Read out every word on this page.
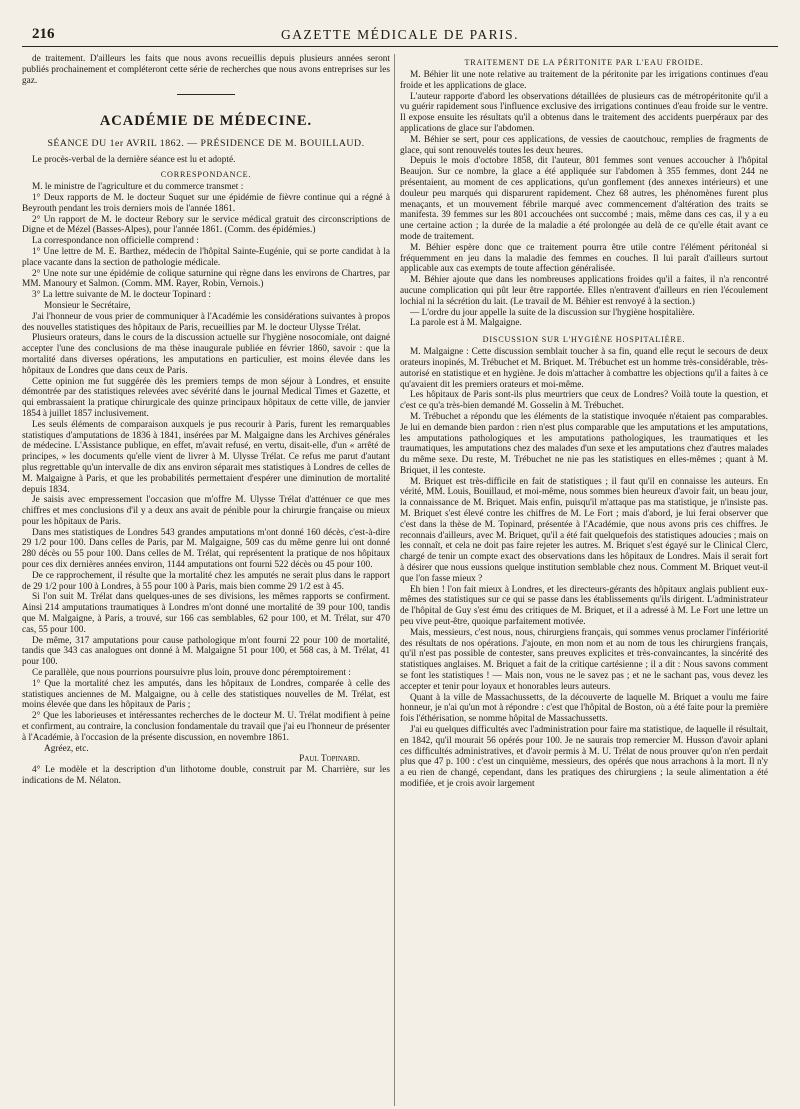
216	GAZETTE MÉDICALE DE PARIS.

de traitement. D'ailleurs les faits que nous avons recueillis depuis plusieurs années seront publiés prochainement et compléteront cette série de recherches que nous avons entreprises sur les gaz.

ACADÉMIE DE MÉDECINE.
SÉANCE DU 1er AVRIL 1862. — PRÉSIDENCE DE M. BOUILLAUD.

Le procès-verbal de la dernière séance est lu et adopté.

CORRESPONDANCE.

M. le ministre de l'agriculture et du commerce transmet :

1° Deux rapports de M. le docteur Suquet sur une épidémie de fièvre continue qui a régné à Beyrouth pendant les trois derniers mois de l'année 1861.

2° Un rapport de M. le docteur Rebory sur le service médical gratuit des circonscriptions de Digne et de Mézel (Basses-Alpes), pour l'année 1861. (Comm. des épidémies.)

La correspondance non officielle comprend :

1° Une lettre de M. E. Barthez, médecin de l'hôpital Sainte-Eugénie, qui se porte candidat à la place vacante dans la section de pathologie médicale.

2° Une note sur une épidémie de colique saturnine qui règne dans les environs de Chartres, par MM. Manoury et Salmon. (Comm. MM. Rayer, Robin, Vernois.)

3° La lettre suivante de M. le docteur Topinard :

Monsieur le Secrétaire,

J'ai l'honneur de vous prier de communiquer à l'Académie les considérations suivantes à propos des nouvelles statistiques des hôpitaux de Paris, recueillies par M. le docteur Ulysse Trélat.

Plusieurs orateurs, dans le cours de la discussion actuelle sur l'hygiène nosocomiale, ont daigné accepter l'une des conclusions de ma thèse inaugurale publiée en février 1860, savoir : que la mortalité dans diverses opérations, les amputations en particulier, est moins élevée dans les hôpitaux de Londres que dans ceux de Paris.

Cette opinion me fut suggérée dès les premiers temps de mon séjour à Londres, et ensuite démontrée par des statistiques relevées avec sévérité dans le journal Medical Times et Gazette, et qui embrassaient la pratique chirurgicale des quinze principaux hôpitaux de cette ville, de janvier 1854 à juillet 1857 inclusivement.

Les seuls éléments de comparaison auxquels je pus recourir à Paris, furent les remarquables statistiques d'amputations de 1836 à 1841, insérées par M. Malgaigne dans les Archives générales de médecine. L'Assistance publique, en effet, m'avait refusé, en vertu, disait-elle, d'un « arrêté de principes, » les documents qu'elle vient de livrer à M. Ulysse Trélat. Ce refus me parut d'autant plus regrettable qu'un intervalle de dix ans environ séparait mes statistiques à Londres de celles de M. Malgaigne à Paris, et que les probabilités permettaient d'espérer une diminution de mortalité depuis 1834.

Je saisis avec empressement l'occasion que m'offre M. Ulysse Trélat d'atténuer ce que mes chiffres et mes conclusions d'il y a deux ans avait de pénible pour la chirurgie française ou mieux pour les hôpitaux de Paris.

Dans mes statistiques de Londres 543 grandes amputations m'ont donné 160 décès, c'est-à-dire 29 1/2 pour 100. Dans celles de Paris, par M. Malgaigne, 509 cas du même genre lui ont donné 280 décès ou 55 pour 100. Dans celles de M. Trélat, qui représentent la pratique de nos hôpitaux pour ces dix dernières années environ, 1144 amputations ont fourni 522 décès ou 45 pour 100.

De ce rapprochement, il résulte que la mortalité chez les amputés ne serait plus dans le rapport de 29 1/2 pour 100 à Londres, à 55 pour 100 à Paris, mais bien comme 29 1/2 est à 45.

Si l'on suit M. Trélat dans quelques-unes de ses divisions, les mêmes rapports se confirment. Ainsi 214 amputations traumatiques à Londres m'ont donné une mortalité de 39 pour 100, tandis que M. Malgaigne, à Paris, a trouvé, sur 166 cas semblables, 62 pour 100, et M. Trélat, sur 470 cas, 55 pour 100.

De même, 317 amputations pour cause pathologique m'ont fourni 22 pour 100 de mortalité, tandis que 343 cas analogues ont donné à M. Malgaigne 51 pour 100, et 568 cas, à M. Trélat, 41 pour 100.

Ce parallèle, que nous pourrions poursuivre plus loin, prouve donc péremptoirement :

1° Que la mortalité chez les amputés, dans les hôpitaux de Londres, comparée à celle des statistiques anciennes de M. Malgaigne, ou à celle des statistiques nouvelles de M. Trélat, est moins élevée que dans les hôpitaux de Paris ;

2° Que les laborieuses et intéressantes recherches de le docteur M. U. Trélat modifient à peine et confirment, au contraire, la conclusion fondamentale du travail que j'ai eu l'honneur de présenter à l'Académie, à l'occasion de la présente discussion, en novembre 1861.

Agréez, etc.

Paul Topinard.

4° Le modèle et la description d'un lithotome double, construit par M. Charrière, sur les indications de M. Nélaton.

TRAITEMENT DE LA PÉRITONITE PAR L'EAU FROIDE.

M. Béhier lit une note relative au traitement de la péritonite par les irrigations continues d'eau froide et les applications de glace.

L'auteur rapporte d'abord les observations détaillées de plusieurs cas de métropéritonite qu'il a vu guérir rapidement sous l'influence exclusive des irrigations continues d'eau froide sur le ventre. Il expose ensuite les résultats qu'il a obtenus dans le traitement des accidents puerpéraux par des applications de glace sur l'abdomen.

M. Béhier se sert, pour ces applications, de vessies de caoutchouc, remplies de fragments de glace, qui sont renouvelés toutes les deux heures.

Depuis le mois d'octobre 1858, dit l'auteur, 801 femmes sont venues accoucher à l'hôpital Beaujon. Sur ce nombre, la glace a été appliquée sur l'abdomen à 355 femmes, dont 244 ne présentaient, au moment de ces applications, qu'un gonflement (des annexes intérieurs) et une douleur peu marqués qui disparurent rapidement. Chez 68 autres, les phénomènes furent plus menaçants, et un mouvement fébrile marqué avec commencement d'altération des traits se manifesta. 39 femmes sur les 801 accouchées ont succombé ; mais, même dans ces cas, il y a eu une certaine action ; la durée de la maladie a été prolongée au delà de ce qu'elle était avant ce mode de traitement.

M. Béhier espère donc que ce traitement pourra être utile contre l'élément péritonéal si fréquemment en jeu dans la maladie des femmes en couches. Il lui paraît d'ailleurs surtout applicable aux cas exempts de toute affection généralisée.

M. Béhier ajoute que dans les nombreuses applications froides qu'il a faites, il n'a rencontré aucune complication qui pût leur être rapportée. Elles n'entravent d'ailleurs en rien l'écoulement lochial ni la sécrétion du lait. (Le travail de M. Béhier est renvoyé à la section.)

— L'ordre du jour appelle la suite de la discussion sur l'hygiène hospitalière.

La parole est à M. Malgaigne.

DISCUSSION SUR L'HYGIÈNE HOSPITALIÈRE.

M. Malgaigne : Cette discussion semblait toucher à sa fin, quand elle reçut le secours de deux orateurs inopinés, M. Trébuchet et M. Briquet. M. Trébuchet est un homme très-considérable, très-autorisé en statistique et en hygiène. Je dois m'attacher à combattre les objections qu'il a faites à ce qu'avaient dit les premiers orateurs et moi-même.

Les hôpitaux de Paris sont-ils plus meurtriers que ceux de Londres? Voilà toute la question, et c'est ce qu'a très-bien demandé M. Gosselin à M. Trébuchet.

M. Trébuchet a répondu que les éléments de la statistique invoquée n'étaient pas comparables. Je lui en demande bien pardon : rien n'est plus comparable que les amputations et les amputations, les amputations pathologiques et les amputations pathologiques, les traumatiques et les traumatiques, les amputations chez des malades d'un sexe et les amputations chez d'autres malades du même sexe. Du reste, M. Trébuchet ne nie pas les statistiques en elles-mêmes ; quant à M. Briquet, il les conteste.

M. Briquet est très-difficile en fait de statistiques ; il faut qu'il en connaisse les auteurs. En vérité, MM. Louis, Bouillaud, et moi-même, nous sommes bien heureux d'avoir fait, un beau jour, la connaissance de M. Briquet. Mais enfin, puisqu'il m'attaque pas ma statistique, je n'insiste pas. M. Briquet s'est élevé contre les chiffres de M. Le Fort ; mais d'abord, je lui ferai observer que c'est dans la thèse de M. Topinard, présentée à l'Académie, que nous avons pris ces chiffres. Je reconnais d'ailleurs, avec M. Briquet, qu'il a été fait quelquefois des statistiques adoucies ; mais on les connaît, et cela ne doit pas faire rejeter les autres. M. Briquet s'est égayé sur le Clinical Clerc, chargé de tenir un compte exact des observations dans les hôpitaux de Londres. Mais il serait fort à désirer que nous eussions quelque institution semblable chez nous. Comment M. Briquet veut-il que l'on fasse mieux ?

Eh bien ! l'on fait mieux à Londres, et les directeurs-gérants des hôpitaux anglais publient eux-mêmes des statistiques sur ce qui se passe dans les établissements qu'ils dirigent. L'administrateur de l'hôpital de Guy s'est ému des critiques de M. Briquet, et il a adressé à M. Le Fort une lettre un peu vive peut-être, quoique parfaitement motivée.

Mais, messieurs, c'est nous, nous, chirurgiens français, qui sommes venus proclamer l'infériorité des résultats de nos opérations. J'ajoute, en mon nom et au nom de tous les chirurgiens français, qu'il n'est pas possible de contester, sans preuves explicites et très-convaincantes, la sincérité des statistiques anglaises. M. Briquet a fait de la critique cartésienne ; il a dit : Nous savons comment se font les statistiques ! — Mais non, vous ne le savez pas ; et ne le sachant pas, vous devez les accepter et tenir pour loyaux et honorables leurs auteurs.

Quant à la ville de Massachussetts, de la découverte de laquelle M. Briquet a voulu me faire honneur, je n'ai qu'un mot à répondre : c'est que l'hôpital de Boston, où a été faite pour la première fois l'éthérisation, se nomme hôpital de Massachussetts.

J'ai eu quelques difficultés avec l'administration pour faire ma statistique, de laquelle il résultait, en 1842, qu'il mourait 56 opérés pour 100. Je ne saurais trop remercier M. Husson d'avoir aplani ces difficultés administratives, et d'avoir permis à M. U. Trélat de nous prouver qu'on n'en perdait plus que 47 p. 100 : c'est un cinquième, messieurs, des opérés que nous arrachons à la mort. Il n'y a eu rien de changé, cependant, dans les pratiques des chirurgiens ; la seule alimentation a été modifiée, et je crois avoir largement
